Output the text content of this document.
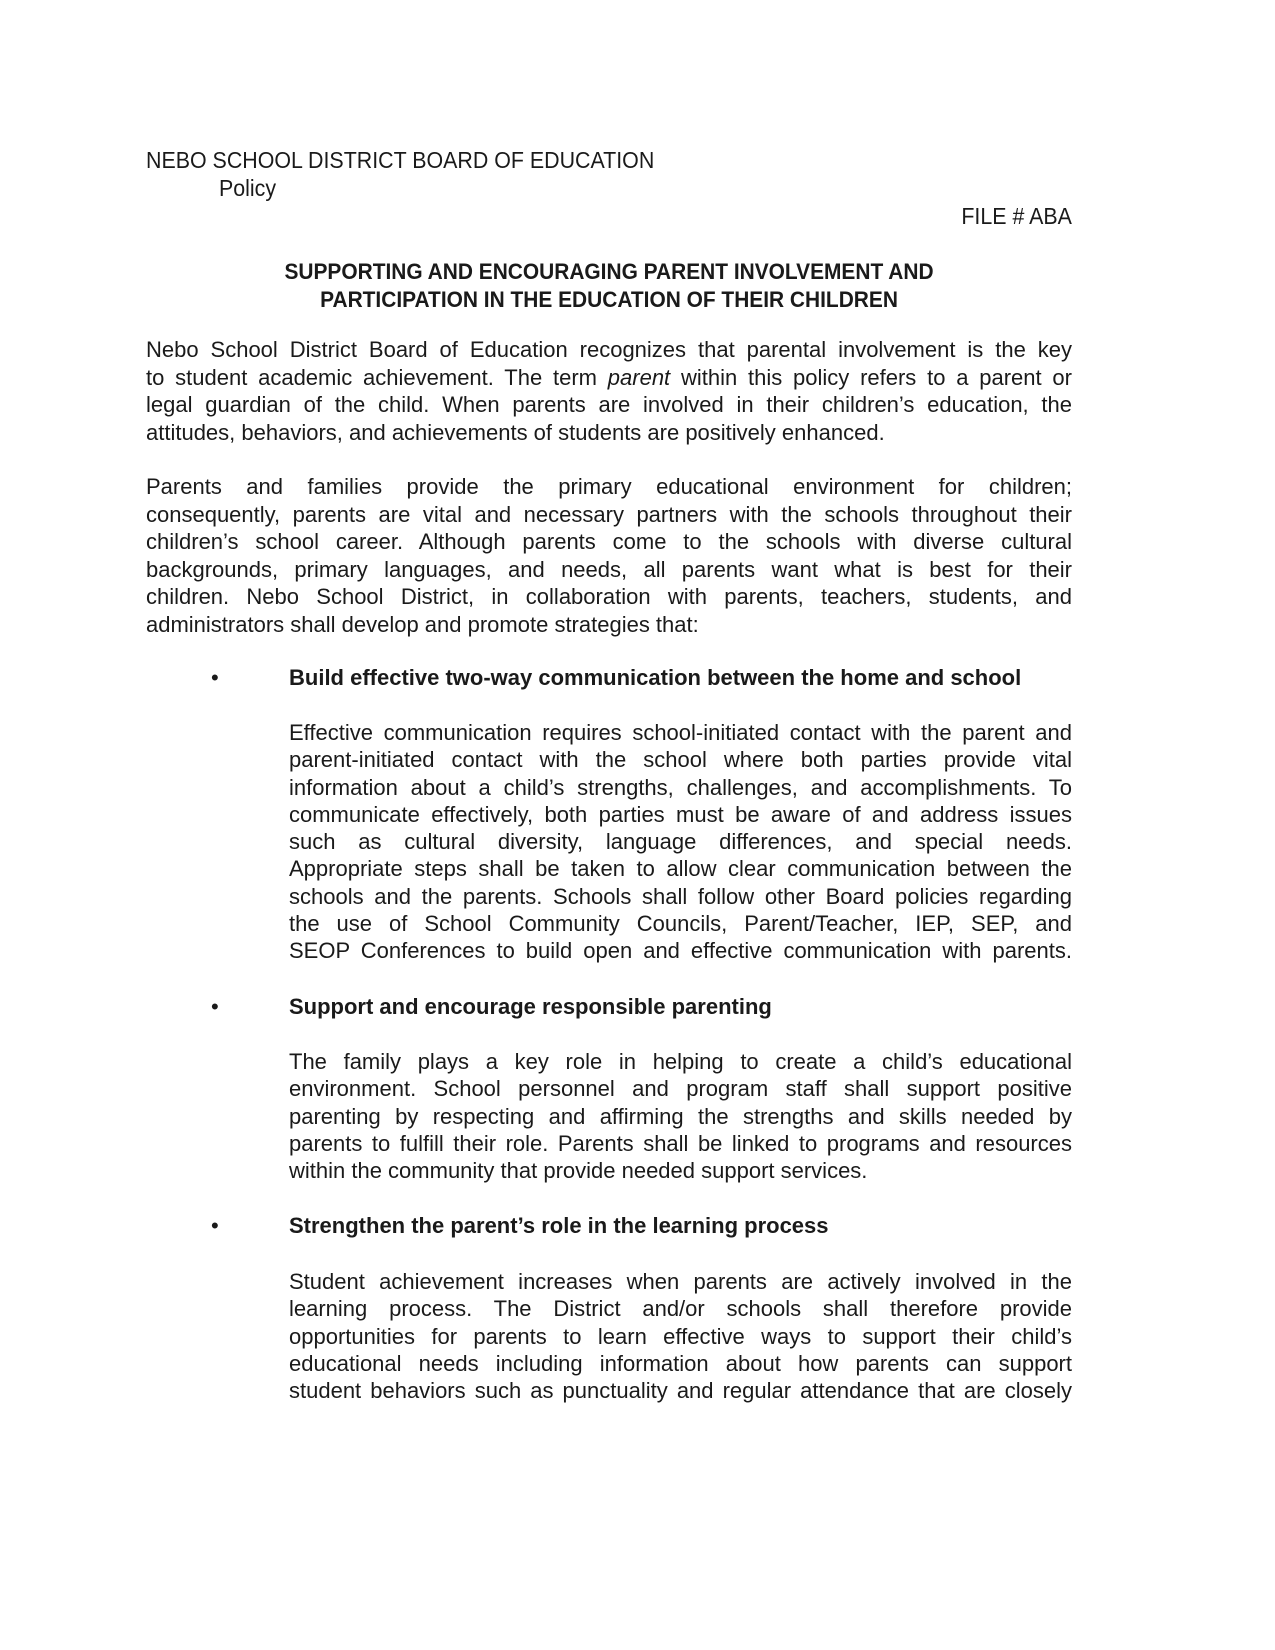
NEBO SCHOOL DISTRICT BOARD OF EDUCATION
Policy
FILE # ABA
SUPPORTING AND ENCOURAGING PARENT INVOLVEMENT AND
PARTICIPATION IN THE EDUCATION OF THEIR CHILDREN
Nebo School District Board of Education recognizes that parental involvement is the key
to student academic achievement. The term parent within this policy refers to a parent or
legal guardian of the child. When parents are involved in their children’s education, the
attitudes, behaviors, and achievements of students are positively enhanced.
Parents and families provide the primary educational environment for children;
consequently, parents are vital and necessary partners with the schools throughout their
children’s school career. Although parents come to the schools with diverse cultural
backgrounds, primary languages, and needs, all parents want what is best for their
children. Nebo School District, in collaboration with parents, teachers, students, and
administrators shall develop and promote strategies that:
•	Build effective two-way communication between the home and school
Effective communication requires school-initiated contact with the parent and
parent-initiated contact with the school where both parties provide vital
information about a child’s strengths, challenges, and accomplishments. To
communicate effectively, both parties must be aware of and address issues
such as cultural diversity, language differences, and special needs.
Appropriate steps shall be taken to allow clear communication between the
schools and the parents. Schools shall follow other Board policies regarding
the use of School Community Councils, Parent/Teacher, IEP, SEP, and
SEOP Conferences to build open and effective communication with parents.
•	Support and encourage responsible parenting
The family plays a key role in helping to create a child’s educational
environment. School personnel and program staff shall support positive
parenting by respecting and affirming the strengths and skills needed by
parents to fulfill their role. Parents shall be linked to programs and resources
within the community that provide needed support services.
•	Strengthen the parent’s role in the learning process
Student achievement increases when parents are actively involved in the
learning process. The District and/or schools shall therefore provide
opportunities for parents to learn effective ways to support their child’s
educational needs including information about how parents can support
student behaviors such as punctuality and regular attendance that are closely
